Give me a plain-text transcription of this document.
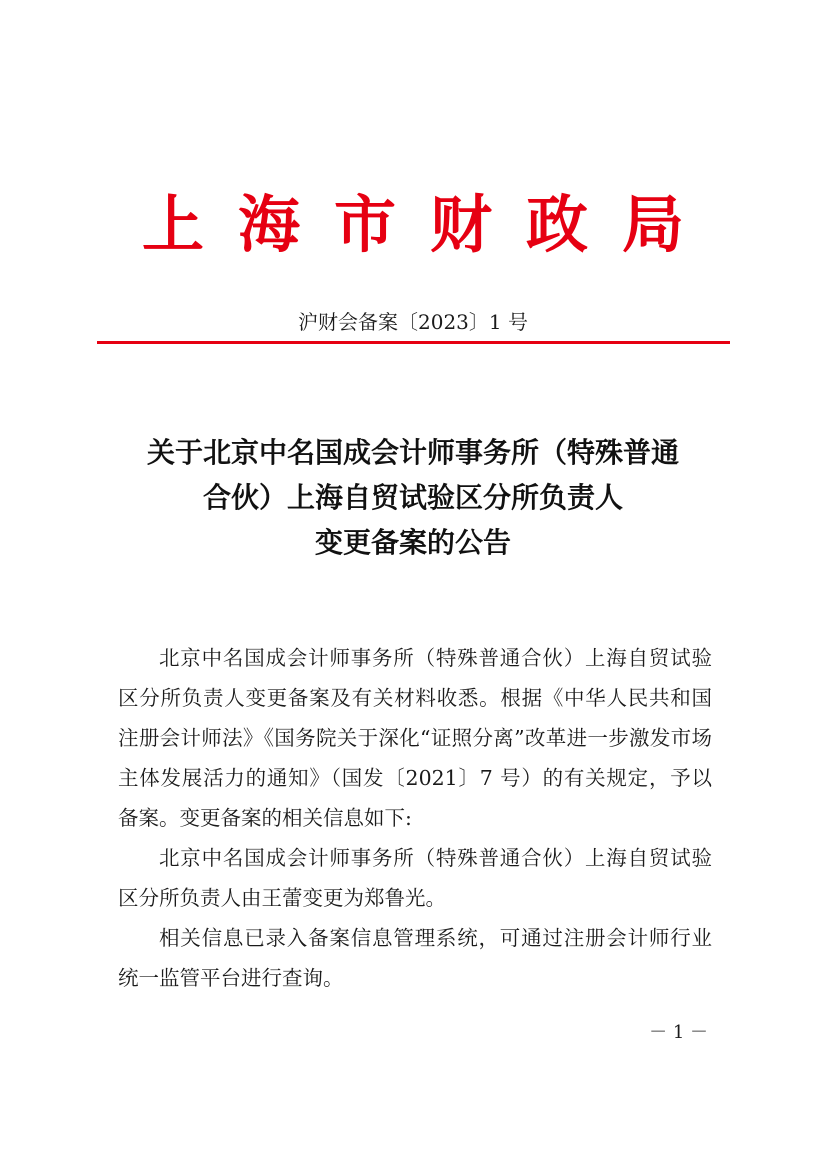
上海市财政局
沪财会备案〔2023〕1 号
关于北京中名国成会计师事务所（特殊普通
合伙）上海自贸试验区分所负责人
变更备案的公告

北京中名国成会计师事务所（特殊普通合伙）上海自贸试验区分所负责人变更备案及有关材料收悉。根据《中华人民共和国注册会计师法》《国务院关于深化“证照分离”改革进一步激发市场主体发展活力的通知》（国发〔2021〕7 号）的有关规定，予以备案。变更备案的相关信息如下:

北京中名国成会计师事务所（特殊普通合伙）上海自贸试验区分所负责人由王蕾变更为郑鲁光。

相关信息已录入备案信息管理系统，可通过注册会计师行业统一监管平台进行查询。

－ 1 －
